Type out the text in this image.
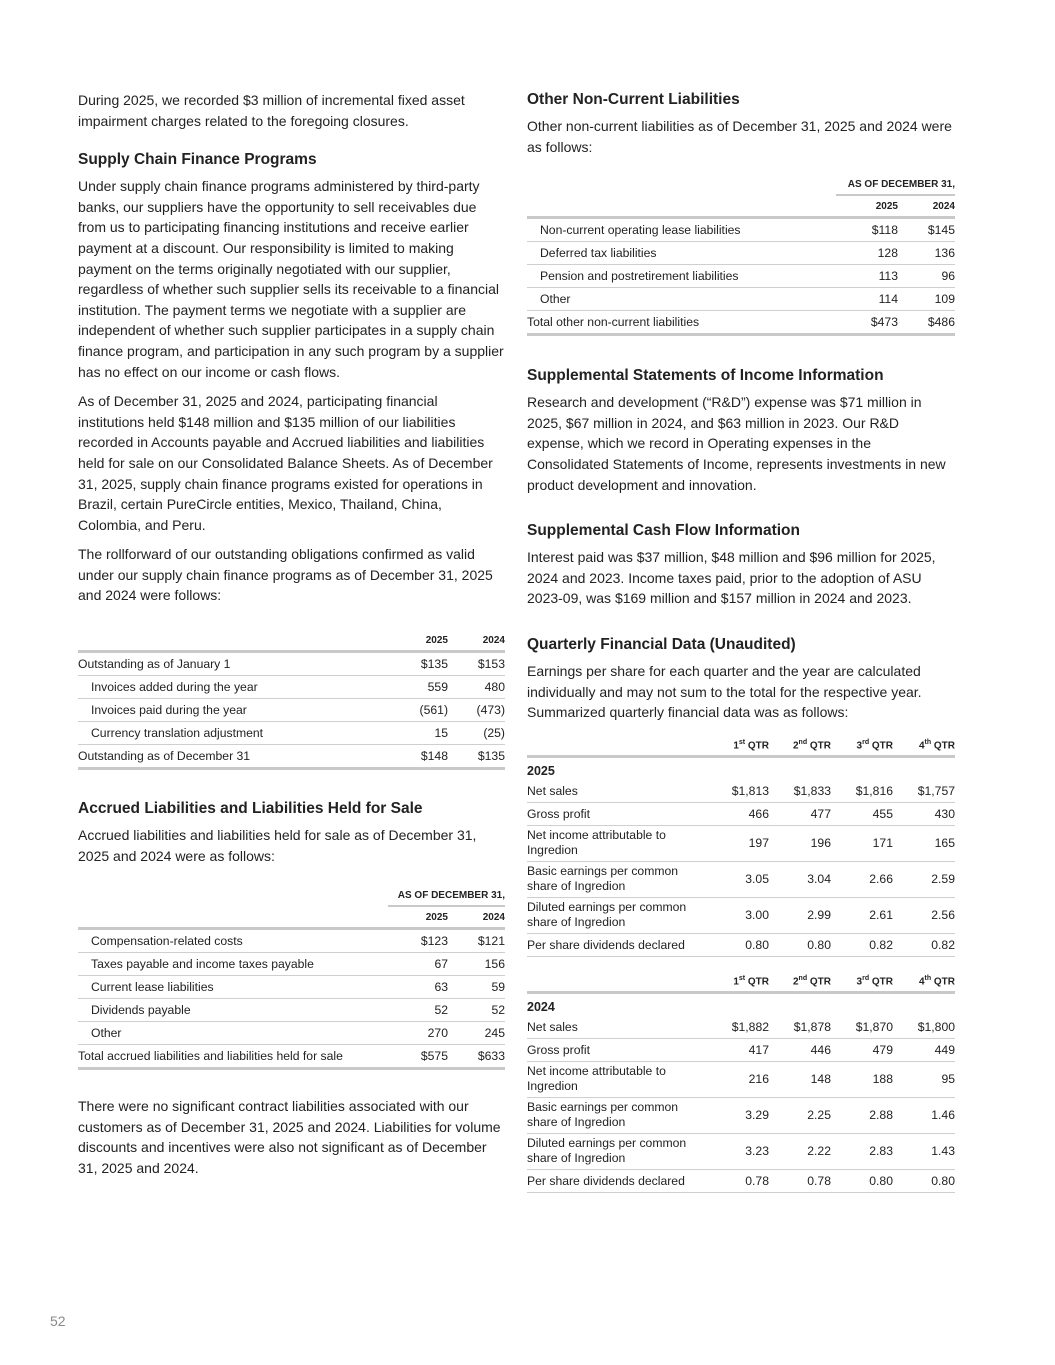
During 2025, we recorded $3 million of incremental fixed asset impairment charges related to the foregoing closures.

Supply Chain Finance Programs

Under supply chain finance programs administered by third-party banks, our suppliers have the opportunity to sell receivables due from us to participating financing institutions and receive earlier payment at a discount. Our responsibility is limited to making payment on the terms originally negotiated with our supplier, regardless of whether such supplier sells its receivable to a financial institution. The payment terms we negotiate with a supplier are independent of whether such supplier participates in a supply chain finance program, and participation in any such program by a supplier has no effect on our income or cash flows.

As of December 31, 2025 and 2024, participating financial institutions held $148 million and $135 million of our liabilities recorded in Accounts payable and Accrued liabilities and liabilities held for sale on our Consolidated Balance Sheets. As of December 31, 2025, supply chain finance programs existed for operations in Brazil, certain PureCircle entities, Mexico, Thailand, China, Colombia, and Peru.

The rollforward of our outstanding obligations confirmed as valid under our supply chain finance programs as of December 31, 2025 and 2024 were follows:

	2025	2024
Outstanding as of January 1	$135	$153
Invoices added during the year	559	480
Invoices paid during the year	(561)	(473)
Currency translation adjustment	15	(25)
Outstanding as of December 31	$148	$135
Accrued Liabilities and Liabilities Held for Sale

Accrued liabilities and liabilities held for sale as of December 31, 2025 and 2024 were as follows:

	AS OF DECEMBER 31,	
	2025	2024
Compensation-related costs	$123	$121
Taxes payable and income taxes payable	67	156
Current lease liabilities	63	59
Dividends payable	52	52
Other	270	245
Total accrued liabilities and liabilities held for sale	$575	$633

There were no significant contract liabilities associated with our customers as of December 31, 2025 and 2024. Liabilities for volume discounts and incentives were also not significant as of December 31, 2025 and 2024.

Other Non-Current Liabilities

Other non-current liabilities as of December 31, 2025 and 2024 were as follows:

	AS OF DECEMBER 31,	
	2025	2024
Non-current operating lease liabilities	$118	$145
Deferred tax liabilities	128	136
Pension and postretirement liabilities	113	96
Other	114	109
Total other non-current liabilities	$473	$486
Supplemental Statements of Income Information

Research and development (“R&D”) expense was $71 million in 2025, $67 million in 2024, and $63 million in 2023. Our R&D expense, which we record in Operating expenses in the Consolidated Statements of Income, represents investments in new product development and innovation.

Supplemental Cash Flow Information

Interest paid was $37 million, $48 million and $96 million for 2025, 2024 and 2023. Income taxes paid, prior to the adoption of ASU 2023-09, was $169 million and $157 million in 2024 and 2023.

Quarterly Financial Data (Unaudited)

Earnings per share for each quarter and the year are calculated individually and may not sum to the total for the respective year. Summarized quarterly financial data was as follows:

	1st QTR	2nd QTR	3rd QTR	4th QTR

2025				
Net sales	$1,813	$1,833	$1,816	$1,757
Gross profit	466	477	455	430
Net income attributable to Ingredion	197	196	171	165
Basic earnings per common share of Ingredion	3.05	3.04	2.66	2.59
Diluted earnings per common share of Ingredion	3.00	2.99	2.61	2.56
Per share dividends declared	0.80	0.80	0.82	0.82
	1st QTR	2nd QTR	3rd QTR	4th QTR

2024				
Net sales	$1,882	$1,878	$1,870	$1,800
Gross profit	417	446	479	449
Net income attributable to Ingredion	216	148	188	95
Basic earnings per common share of Ingredion	3.29	2.25	2.88	1.46
Diluted earnings per common share of Ingredion	3.23	2.22	2.83	1.43
Per share dividends declared	0.78	0.78	0.80	0.80
52
